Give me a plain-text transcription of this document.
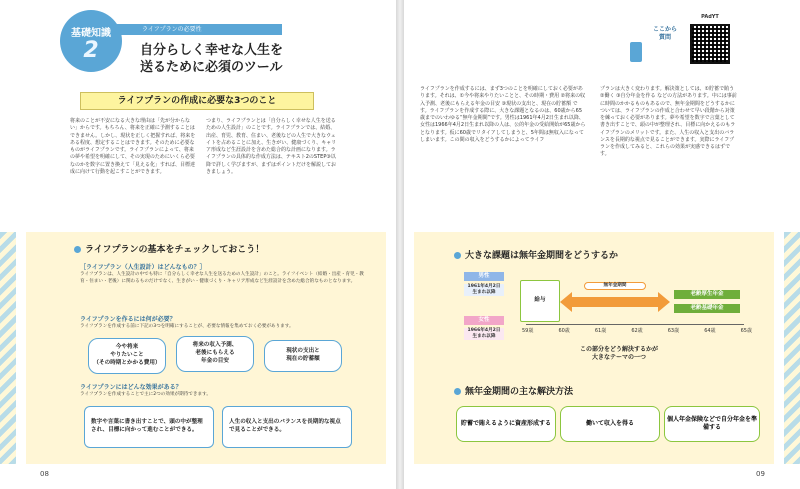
基礎知識
2
ライフプランの必要性
自分らしく幸せな人生を
送るために必須のツール
ライフプランの作成に必要な3つのこと
将来のことが不安になる大きな理由は「先が分からない」からです。もちろん、将来を正確に予測することはできません。しかし、現状を正しく把握すれば、将来をある程度、想定することはできます。そのために必要なものがライフプランです。ライフプランによって、将来の夢や希望を明確にして、その実現のためにいくら必要なのかを数字に置き換えて「見える化」すれば、目標達成に向けて行動を起こすことができます。
つまり、ライフプランとは「自分らしく幸せな人生を送るための人生設計」のことです。ライフプランでは、結婚、出産、育児、教育、住まい、老後などの人生で大きなウェイトを占めることに加え、生きがい、健康づくり、キャリア形成など生涯設計を含めた総合的な計画になります。ライフプランの具体的な作成方法は、テキスト2のSTEP③以降で詳しく学びますが、まずはポイントだけを解説しておきましょう。
ライフプランの基本をチェックしておこう！
［ライフプラン（人生設計）はどんなもの？］
ライフプランは、人生設計の中でも特に「自分らしく幸せな人生を送るための人生設計」のこと。ライフイベント（結婚・出産・育児・教育・住まい・老後）に関わるものだけでなく、生きがい・健康づくり・キャリア形成など生涯設計を含めた総合的なものとなります。
ライフプランを作るには何が必要？
ライフプランを作成する前に下記の3つを明確にすることが、必要な情報を集めておく必要があります。
今や将来
やりたいこと
（その時期とかかる費用）
将来の収入予測、
老後にもらえる
年金の目安
現状の支出と
現在の貯蓄額
ライフプランにはどんな効果がある？
ライフプランを作成することで主に2つの効果が期待できます。
数字や言葉に書き出すことで、頭の中が整理され、目標に向かって進むことができる。
人生の収入と支出のバランスを長期的な視点で見ることができる。
08
ここから
質問
PAdYT
ライフプランを作成するには、まず3つのことを明確にしておく必要があります。それは、①今や将来やりたいことと、その時期・費用 ②将来の収入予測、老後にもらえる年金の目安 ③現状の支出と、現在の貯蓄額 です。ライフプランを作成する際に、大きな課題となるのは、60歳から65歳までのいわゆる“無年金期間”です。男性は1961年4月2日生まれ以降、女性は1966年4月2日生まれ以降の人は、公的年金の受給開始が65歳からとなります。仮に60歳でリタイアしてしまうと、5年間は無収入になってしまいます。この間の収入をどうするかによってライフ
プランは大きく変わります。解決策としては、①貯蓄で賄う ②働く ③自分年金を作る などの方法があります。中には事前に時間のかかるものもあるので、無年金期間をどうするかについては、ライフプランの作成と合わせて早い段階から対策を練っておく必要があります。夢や希望を数字で言葉として書き出すことで、頭の中が整理され、目標に向かえるのもライフプランのメリットです。また、人生の収入と支出のバランスを長期的な視点で見ることができます。実際にライフプランを作成してみると、これらの効果が実感できるはずです。
大きな課題は無年金期間をどうするか
男性
1961年4月2日
生まれ以降
女性
1966年4月2日
生まれ以降
給与
無年金期間
老齢厚生年金
老齢基礎年金
59歳	60歳	61歳	62歳	63歳	64歳	65歳
この部分をどう解決するかが
大きなテーマの一つ
無年金期間の主な解決方法
貯蓄で賄えるように資産形成する	働いて収入を得る
個人年金保険などで自分年金を準備する
09
